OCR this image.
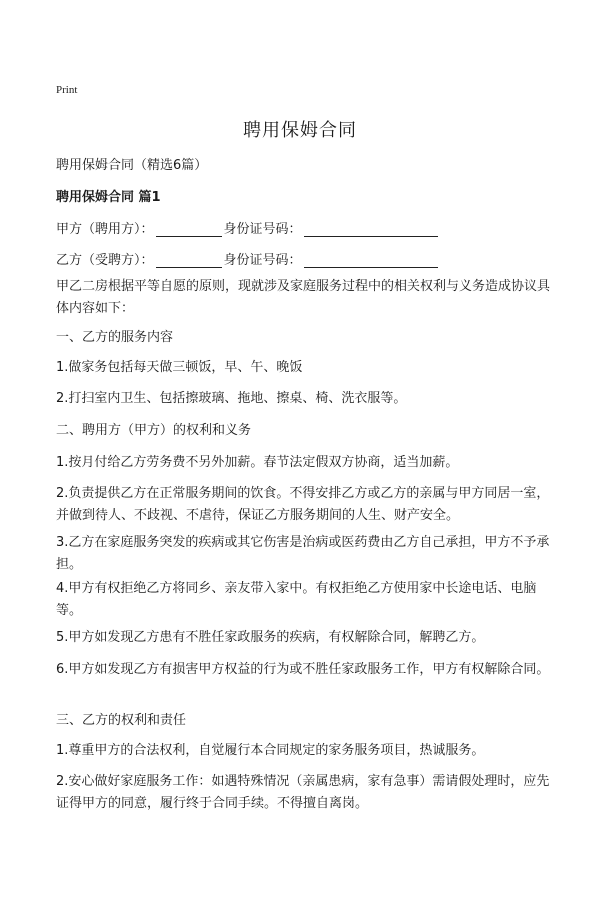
Print
聘用保姆合同

聘用保姆合同（精选6篇）

聘用保姆合同 篇1

甲方（聘用方）：	身份证号码：

乙方（受聘方）：	身份证号码：

甲乙二房根据平等自愿的原则，现就涉及家庭服务过程中的相关权利与义务造成协议具体内容如下：

一、乙方的服务内容

1.做家务包括每天做三顿饭，早、午、晚饭

2.打扫室内卫生、包括擦玻璃、拖地、擦桌、椅、洗衣服等。

二、聘用方（甲方）的权利和义务

1.按月付给乙方劳务费不另外加薪。春节法定假双方协商，适当加薪。

2.负责提供乙方在正常服务期间的饮食。不得安排乙方或乙方的亲属与甲方同居一室，并做到待人、不歧视、不虐待，保证乙方服务期间的人生、财产安全。

3.乙方在家庭服务突发的疾病或其它伤害是治病或医药费由乙方自己承担，甲方不予承担。

4.甲方有权拒绝乙方将同乡、亲友带入家中。有权拒绝乙方使用家中长途电话、电脑等。

5.甲方如发现乙方患有不胜任家政服务的疾病，有权解除合同，解聘乙方。

6.甲方如发现乙方有损害甲方权益的行为或不胜任家政服务工作，甲方有权解除合同。

三、乙方的权利和责任

1.尊重甲方的合法权利，自觉履行本合同规定的家务服务项目，热诚服务。

2.安心做好家庭服务工作：如遇特殊情况（亲属患病，家有急事）需请假处理时，应先证得甲方的同意，履行终于合同手续。不得擅自离岗。
